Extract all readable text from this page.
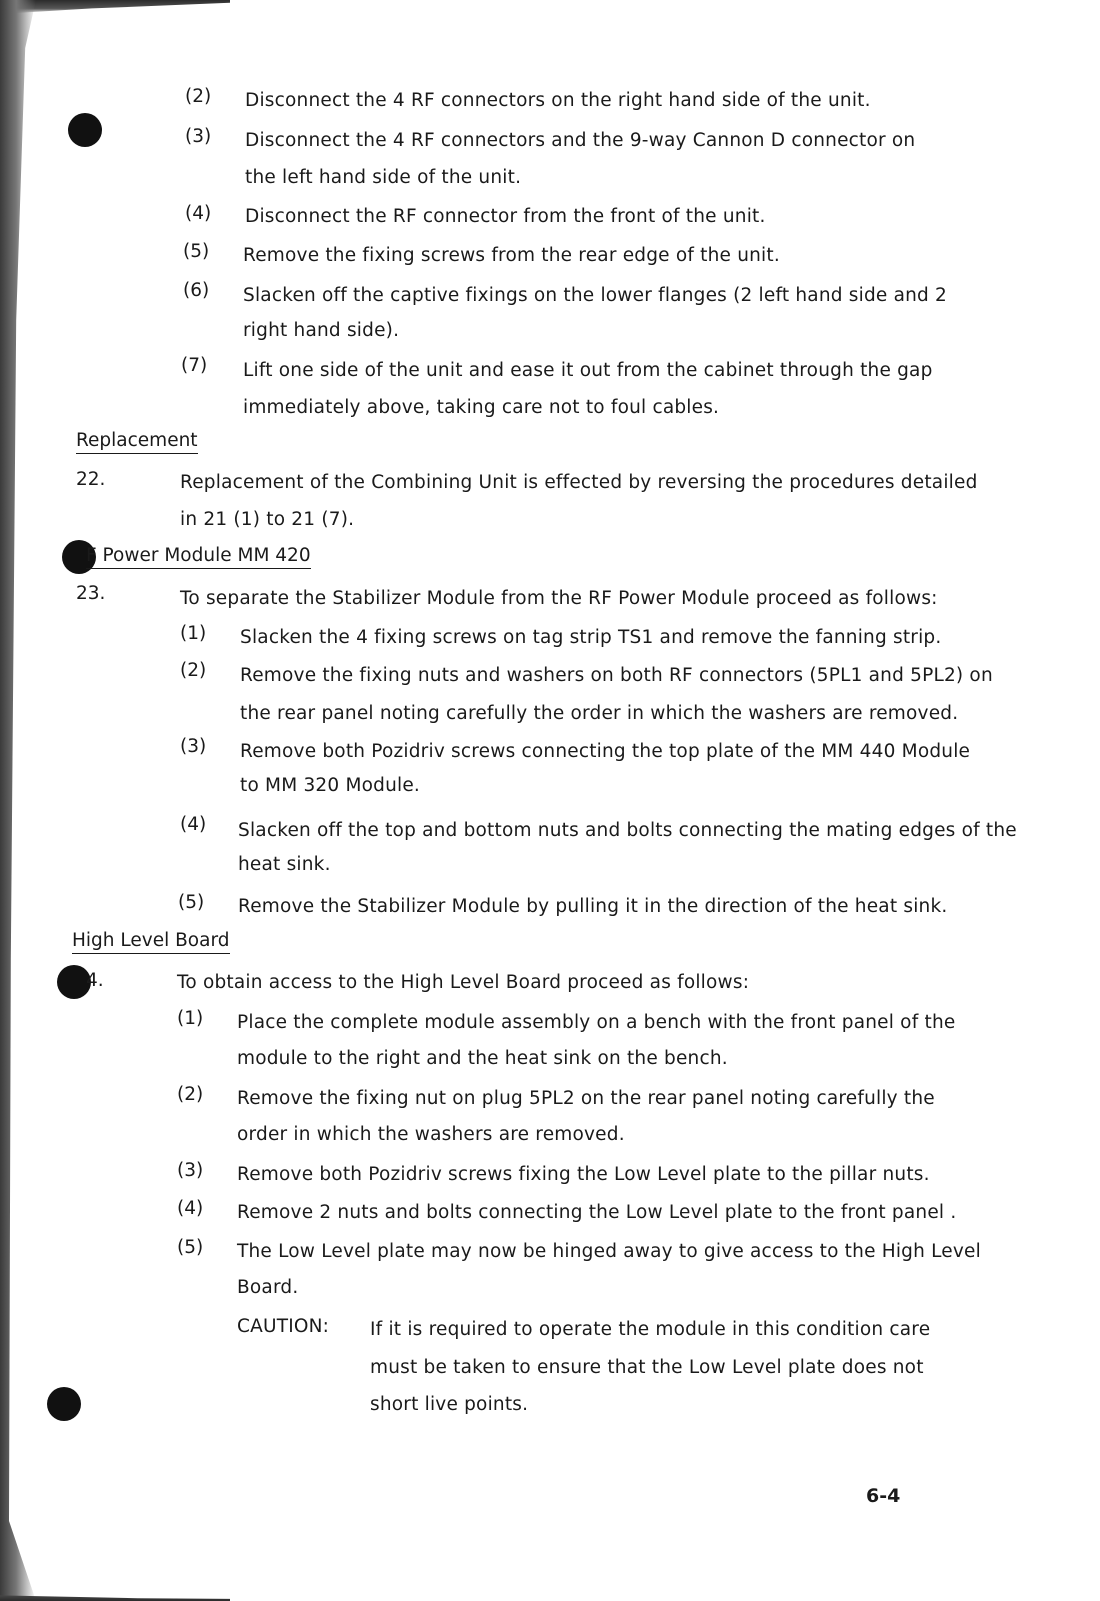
(2) Disconnect the 4 RF connectors on the right hand side of the unit.
(3) Disconnect the 4 RF connectors and the 9-way Cannon D connector on
the left hand side of the unit.
(4) Disconnect the RF connector from the front of the unit.
(5) Remove the fixing screws from the rear edge of the unit.
(6) Slacken off the captive fixings on the lower flanges (2 left hand side and 2
right hand side).
(7) Lift one side of the unit and ease it out from the cabinet through the gap
immediately above, taking care not to foul cables.
Replacement
22.	Replacement of the Combining Unit is effected by reversing the procedures detailed
in 21 (1) to 21 (7).
F Power Module MM 420
23.	To separate the Stabilizer Module from the RF Power Module proceed as follows:
(1) Slacken the 4 fixing screws on tag strip TS1 and remove the fanning strip.
(2) Remove the fixing nuts and washers on both RF connectors (5PL1 and 5PL2) on
the rear panel noting carefully the order in which the washers are removed.
(3) Remove both Pozidriv screws connecting the top plate of the MM 440 Module
to MM 320 Module.
(4) Slacken off the top and bottom nuts and bolts connecting the mating edges of the
heat sink.
(5) Remove the Stabilizer Module by pulling it in the direction of the heat sink.
High Level Board
4.	To obtain access to the High Level Board proceed as follows:
(1) Place the complete module assembly on a bench with the front panel of the
module to the right and the heat sink on the bench.
(2) Remove the fixing nut on plug 5PL2 on the rear panel noting carefully the
order in which the washers are removed.
(3) Remove both Pozidriv screws fixing the Low Level plate to the pillar nuts.
(4) Remove 2 nuts and bolts connecting the Low Level plate to the front panel .
(5) The Low Level plate may now be hinged away to give access to the High Level
Board.
CAUTION: If it is required to operate the module in this condition care
must be taken to ensure that the Low Level plate does not
short live points.
6-4
